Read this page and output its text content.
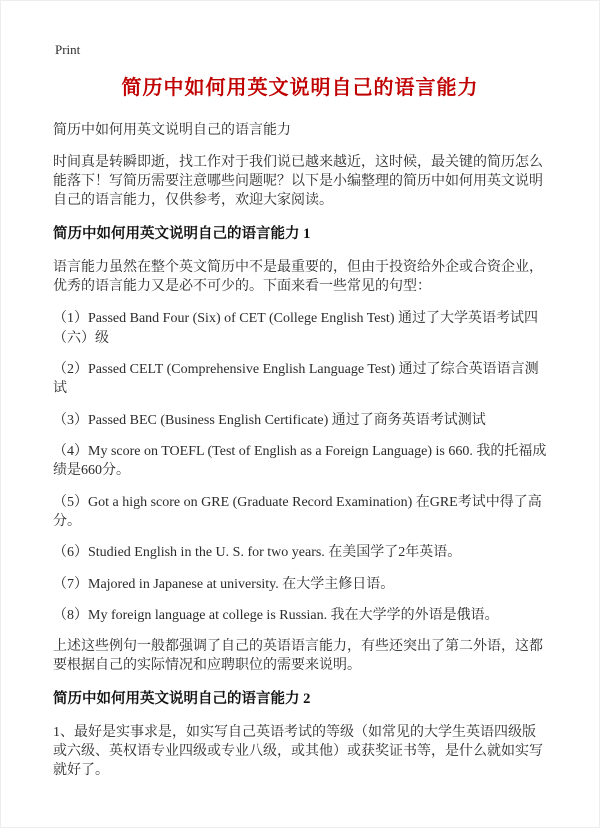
Print
简历中如何用英文说明自己的语言能力

简历中如何用英文说明自己的语言能力

时间真是转瞬即逝，找工作对于我们说已越来越近，这时候，最关键的简历怎么能落下！写简历需要注意哪些问题呢？以下是小编整理的简历中如何用英文说明自己的语言能力，仅供参考，欢迎大家阅读。

简历中如何用英文说明自己的语言能力 1

语言能力虽然在整个英文简历中不是最重要的，但由于投资给外企或合资企业，优秀的语言能力又是必不可少的。下面来看一些常见的句型：

（1）Passed Band Four (Six) of CET (College English Test) 通过了大学英语考试四（六）级

（2）Passed CELT (Comprehensive English Language Test) 通过了综合英语语言测试

（3）Passed BEC (Business English Certificate) 通过了商务英语考试测试

（4）My score on TOEFL (Test of English as a Foreign Language) is 660. 我的托福成绩是660分。

（5）Got a high score on GRE (Graduate Record Examination) 在GRE考试中得了高分。

（6）Studied English in the U. S. for two years. 在美国学了2年英语。

（7）Majored in Japanese at university. 在大学主修日语。

（8）My foreign language at college is Russian. 我在大学学的外语是俄语。

上述这些例句一般都强调了自己的英语语言能力，有些还突出了第二外语，这都要根据自己的实际情况和应聘职位的需要来说明。

简历中如何用英文说明自己的语言能力 2

1、最好是实事求是，如实写自己英语考试的等级（如常见的大学生英语四级版或六级、英权语专业四级或专业八级，或其他）或获奖证书等，是什么就如实写就好了。
